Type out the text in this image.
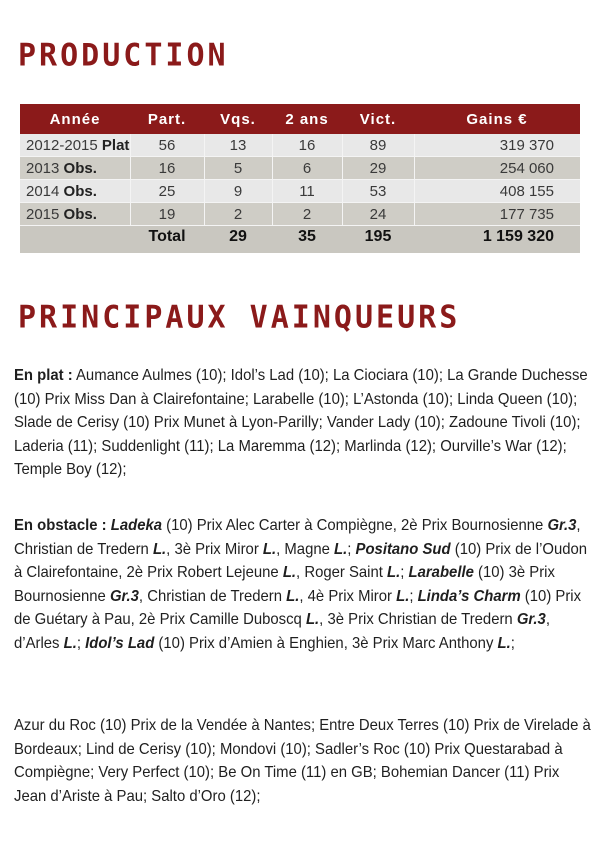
PRODUCTION
Année	Part.	Vqs.	2 ans	Vict.	Gains €
2012-2015 Plat	56	13	16	89	319 370
2013 Obs.	16	5	6	29	254 060
2014 Obs.	25	9	11	53	408 155
2015 Obs.	19	2	2	24	177 735
	Total	29	35	195	1 159 320
PRINCIPAUX VAINQUEURS

En plat : Aumance Aulmes (10); Idol’s Lad (10); La Ciociara (10); La Grande Duchesse (10) Prix Miss Dan à Clairefontaine; Larabelle (10); L’Astonda (10); Linda Queen (10); Slade de Cerisy (10) Prix Munet à Lyon-Parilly; Vander Lady (10); Zadoune Tivoli (10); Laderia (11); Suddenlight (11); La Maremma (12); Marlinda (12); Ourville’s War (12); Temple Boy (12);

En obstacle : Ladeka (10) Prix Alec Carter à Compiègne, 2è Prix Bournosienne Gr.3, Christian de Tredern L., 3è Prix Miror L., Magne L.; Positano Sud (10) Prix de l’Oudon à Clairefontaine, 2è Prix Robert Lejeune L., Roger Saint L.; Larabelle (10) 3è Prix Bournosienne Gr.3, Christian de Tredern L., 4è Prix Miror L.; Linda’s Charm (10) Prix de Guétary à Pau, 2è Prix Camille Duboscq L., 3è Prix Christian de Tredern Gr.3, d’Arles L.; Idol’s Lad (10) Prix d’Amien à Enghien, 3è Prix Marc Anthony L.;

Azur du Roc (10) Prix de la Vendée à Nantes; Entre Deux Terres (10) Prix de Virelade à Bordeaux; Lind de Cerisy (10); Mondovi (10); Sadler’s Roc (10) Prix Questarabad à Compiègne; Very Perfect (10); Be On Time (11) en GB; Bohemian Dancer (11) Prix Jean d’Ariste à Pau; Salto d’Oro (12);
